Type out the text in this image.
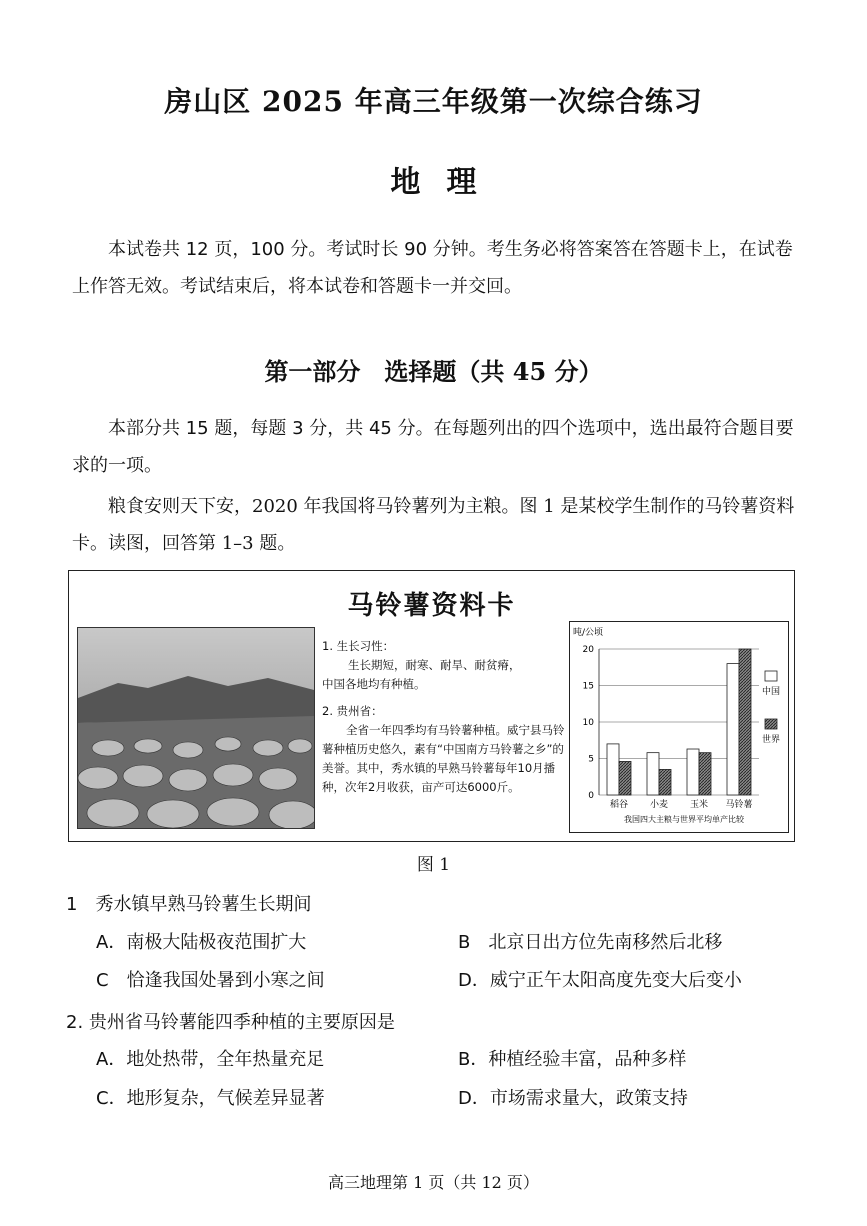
房山区 2025 年高三年级第一次综合练习
地理
本试卷共 12 页，100 分。考试时长 90 分钟。考生务必将答案答在答题卡上，在试卷上作答无效。考试结束后，将本试卷和答题卡一并交回。
第一部分　选择题（共 45 分）
本部分共 15 题，每题 3 分，共 45 分。在每题列出的四个选项中，选出最符合题目要求的一项。
粮食安则天下安，2020 年我国将马铃薯列为主粮。图 1 是某校学生制作的马铃薯资料卡。读图，回答第 1–3 题。
马铃薯资料卡
1. 生长习性：
生长期短，耐寒、耐旱、耐贫瘠，
中国各地均有种植。
2. 贵州省：
全省一年四季均有马铃薯种植。威宁县马铃薯种植历史悠久，素有“中国南方马铃薯之乡”的美誉。其中，秀水镇的早熟马铃薯每年10月播种，次年2月收获，亩产可达6000斤。
吨/公顷
0
5
10
15
20
稻谷 小麦 玉米 马铃薯
我国四大主粮与世界平均单产比较
中国
世界
图 1
1　秀水镇早熟马铃薯生长期间
A．南极大陆极夜范围扩大	B　北京日出方位先南移然后北移
C　恰逢我国处暑到小寒之间	D．威宁正午太阳高度先变大后变小
2. 贵州省马铃薯能四季种植的主要原因是
A．地处热带，全年热量充足	B．种植经验丰富，品种多样
C．地形复杂，气候差异显著	D．市场需求量大，政策支持
高三地理第 1 页（共 12 页）
